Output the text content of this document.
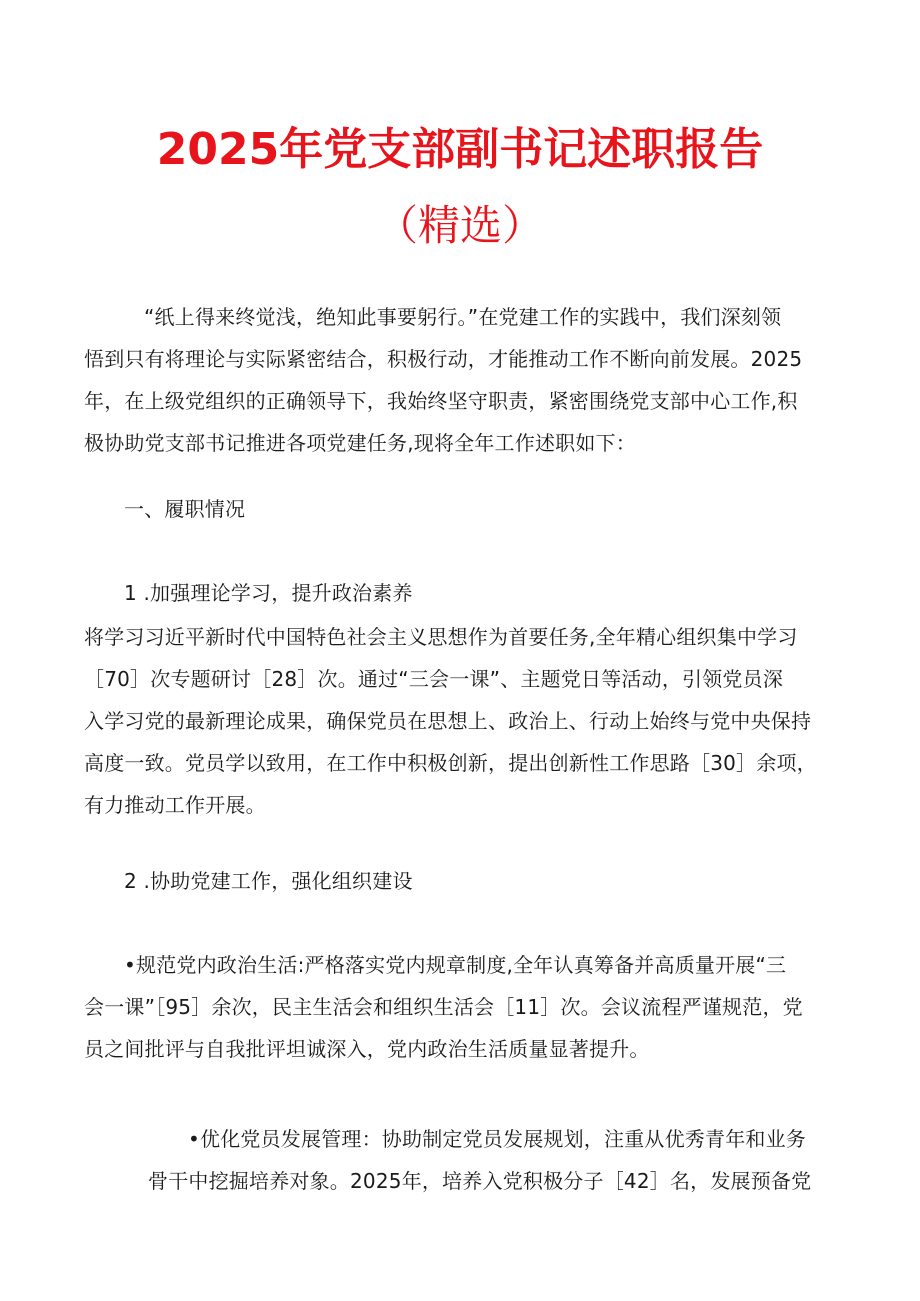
2025年党支部副书记述职报告
（精选）
“纸上得来终觉浅，绝知此事要躬行。”在党建工作的实践中，我们深刻领
悟到只有将理论与实际紧密结合，积极行动，才能推动工作不断向前发展。2025
年，在上级党组织的正确领导下，我始终坚守职责，紧密围绕党支部中心工作,积
极协助党支部书记推进各项党建任务,现将全年工作述职如下：
一、履职情况
1 .加强理论学习，提升政治素养
将学习习近平新时代中国特色社会主义思想作为首要任务,全年精心组织集中学习
［70］次专题研讨［28］次。通过“三会一课”、主题党日等活动，引领党员深
入学习党的最新理论成果，确保党员在思想上、政治上、行动上始终与党中央保持
高度一致。党员学以致用，在工作中积极创新，提出创新性工作思路［30］余项，
有力推动工作开展。
2 .协助党建工作，强化组织建设
•规范党内政治生活:严格落实党内规章制度,全年认真筹备并高质量开展“三
会一课”［95］余次，民主生活会和组织生活会［11］次。会议流程严谨规范，党
员之间批评与自我批评坦诚深入，党内政治生活质量显著提升。
•优化党员发展管理：协助制定党员发展规划，注重从优秀青年和业务
骨干中挖掘培养对象。2025年，培养入党积极分子［42］名，发展预备党
